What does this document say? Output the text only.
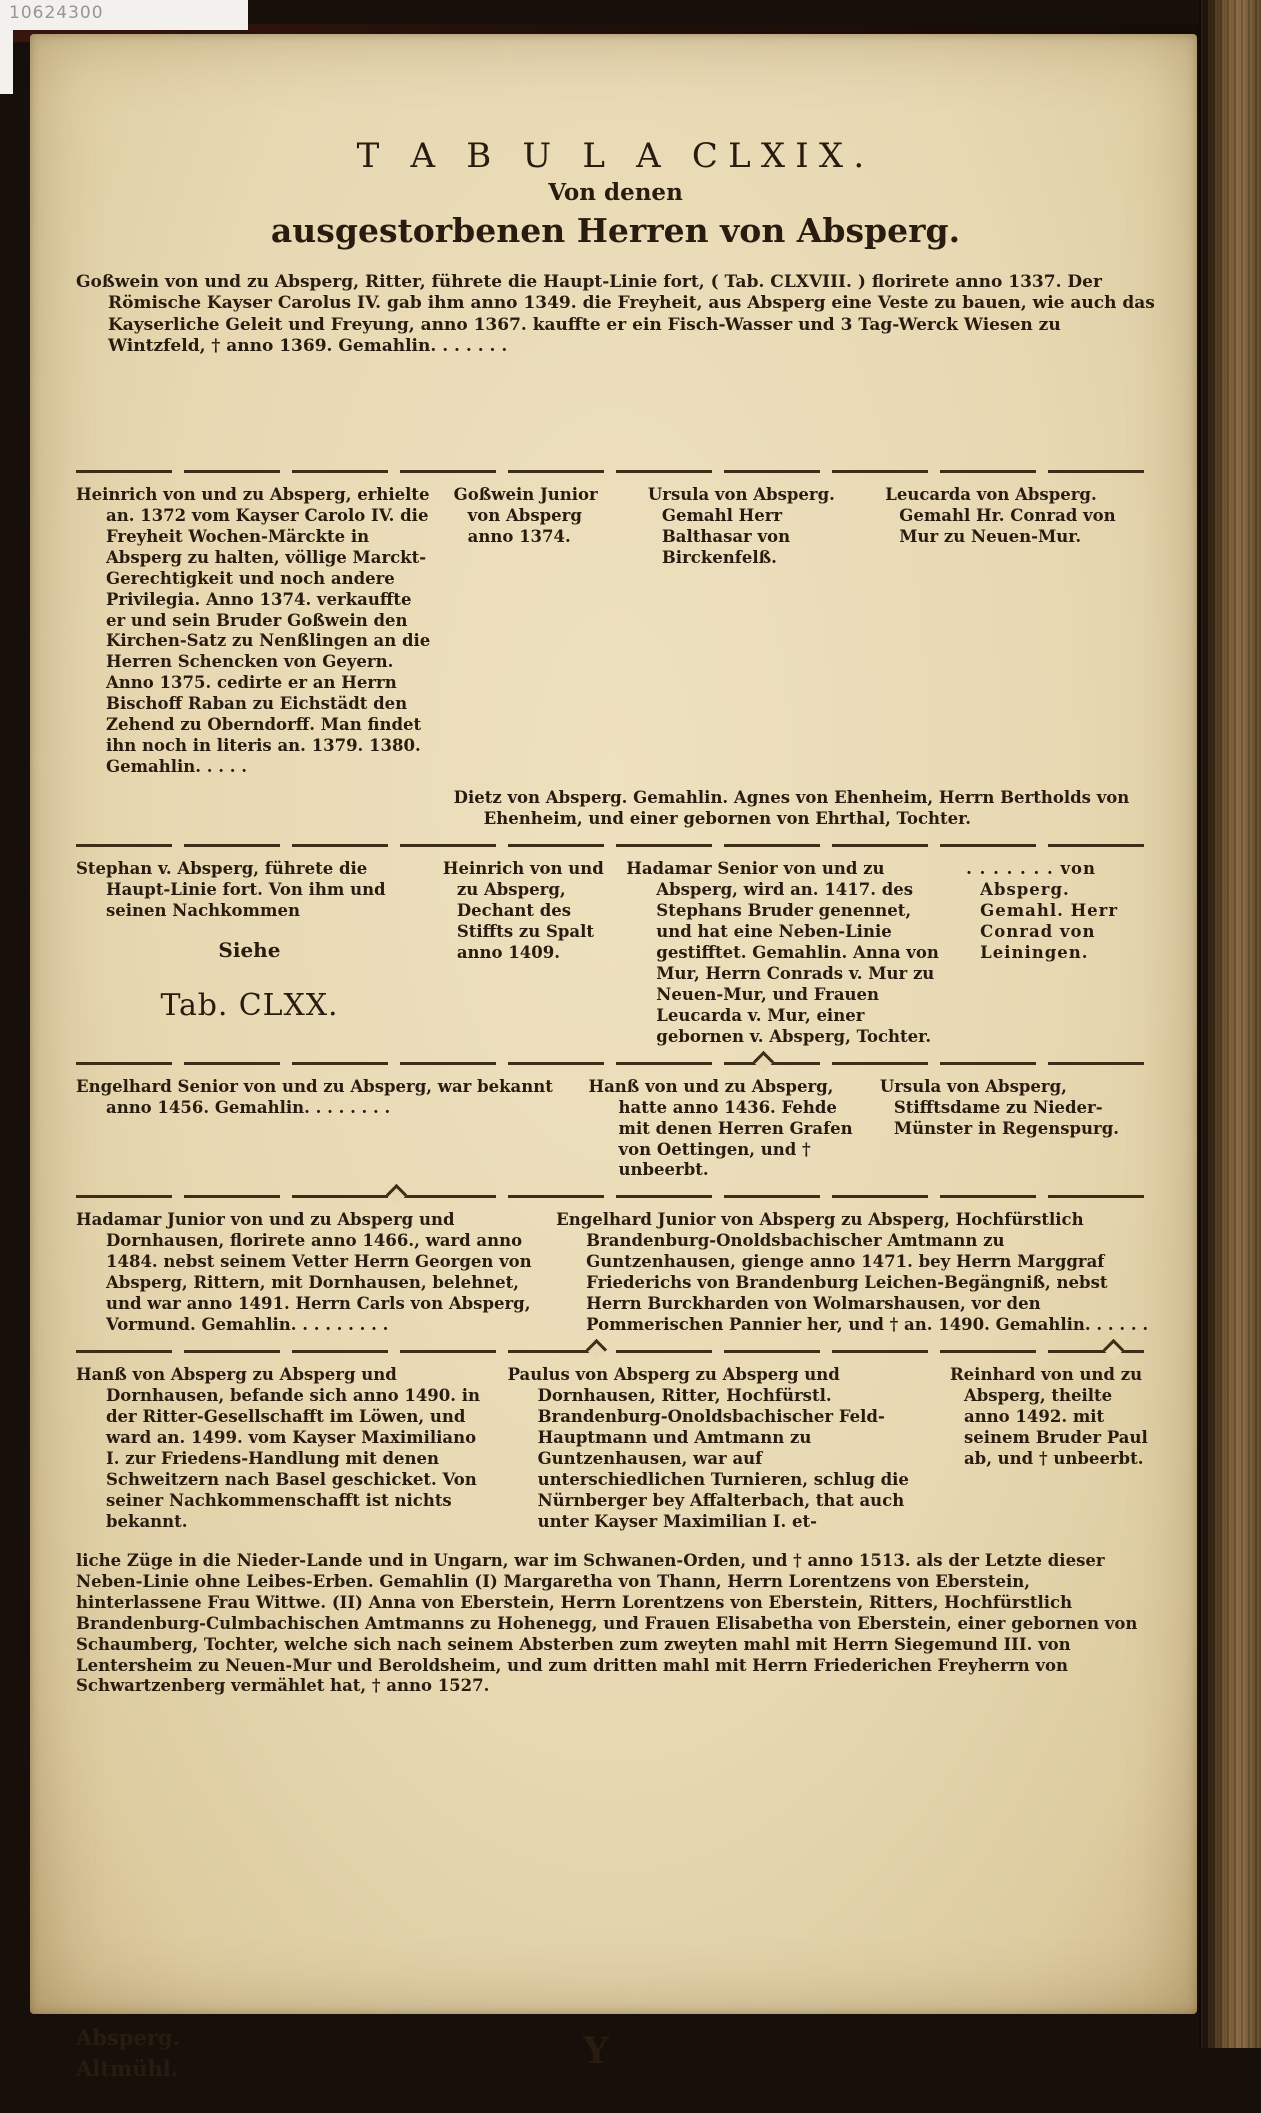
10624300
T A B U L A CLXIX.
Von denen
ausgestorbenen Herren von Absperg.

Goßwein von und zu Absperg, Ritter, führete die Haupt-Linie fort, ( Tab. CLXVIII. ) florirete anno 1337. Der Römische Kayser Carolus IV. gab ihm anno 1349. die Freyheit, aus Absperg eine Veste zu bauen, wie auch das Kayserliche Geleit und Freyung, anno 1367. kauffte er ein Fisch-Wasser und 3 Tag-Werck Wiesen zu Wintzfeld, † anno 1369. Gemahlin. . . . . . .

Heinrich von und zu Absperg, erhielte an. 1372 vom Kayser Carolo IV. die Freyheit Wochen-Märckte in Absperg zu halten, völlige Marckt-Gerechtigkeit und noch andere Privilegia. Anno 1374. verkauffte er und sein Bruder Goßwein den Kirchen-Satz zu Nenßlingen an die Herren Schencken von Geyern. Anno 1375. cedirte er an Herrn Bischoff Raban zu Eichstädt den Zehend zu Oberndorff. Man findet ihn noch in literis an. 1379. 1380. Gemahlin. . . . .
Goßwein Junior von Absperg anno 1374.
Ursula von Absperg. Gemahl Herr Balthasar von Birckenfelß.
Leucarda von Absperg. Gemahl Hr. Conrad von Mur zu Neuen-Mur.
Dietz von Absperg. Gemahlin. Agnes von Ehenheim, Herrn Bertholds von Ehenheim, und einer gebornen von Ehrthal, Tochter.
Stephan v. Absperg, führete die Haupt-Linie fort. Von ihm und seinen Nachkommen
Siehe
Tab. CLXX.
Heinrich von und zu Absperg, Dechant des Stiffts zu Spalt anno 1409.
Hadamar Senior von und zu Absperg, wird an. 1417. des Stephans Bruder genennet, und hat eine Neben-Linie gestifftet. Gemahlin. Anna von Mur, Herrn Conrads v. Mur zu Neuen-Mur, und Frauen Leucarda v. Mur, einer gebornen v. Absperg, Tochter.
. . . . . . . von Absperg. Gemahl. Herr Conrad von Leiningen.
Engelhard Senior von und zu Absperg, war bekannt anno 1456. Gemahlin. . . . . . . .
Hanß von und zu Absperg, hatte anno 1436. Fehde mit denen Herren Grafen von Oettingen, und † unbeerbt.
Ursula von Absperg, Stifftsdame zu Nieder-Münster in Regenspurg.
Hadamar Junior von und zu Absperg und Dornhausen, florirete anno 1466., ward anno 1484. nebst seinem Vetter Herrn Georgen von Absperg, Rittern, mit Dornhausen, belehnet, und war anno 1491. Herrn Carls von Absperg, Vormund. Gemahlin. . . . . . . . .
Engelhard Junior von Absperg zu Absperg, Hochfürstlich Brandenburg-Onoldsbachischer Amtmann zu Guntzenhausen, gienge anno 1471. bey Herrn Marggraf Friederichs von Brandenburg Leichen-Begängniß, nebst Herrn Burckharden von Wolmarshausen, vor den Pommerischen Pannier her, und † an. 1490. Gemahlin. . . . . .
Hanß von Absperg zu Absperg und Dornhausen, befande sich anno 1490. in der Ritter-Gesellschafft im Löwen, und ward an. 1499. vom Kayser Maximiliano I. zur Friedens-Handlung mit denen Schweitzern nach Basel geschicket. Von seiner Nachkommenschafft ist nichts bekannt.
Paulus von Absperg zu Absperg und Dornhausen, Ritter, Hochfürstl. Brandenburg-Onoldsbachischer Feld-Hauptmann und Amtmann zu Guntzenhausen, war auf unterschiedlichen Turnieren, schlug die Nürnberger bey Affalterbach, that auch unter Kayser Maximilian I. et-
Reinhard von und zu Absperg, theilte anno 1492. mit seinem Bruder Paul ab, und † unbeerbt.

liche Züge in die Nieder-Lande und in Ungarn, war im Schwanen-Orden, und † anno 1513. als der Letzte dieser Neben-Linie ohne Leibes-Erben. Gemahlin (I) Margaretha von Thann, Herrn Lorentzens von Eberstein, hinterlassene Frau Wittwe. (II) Anna von Eberstein, Herrn Lorentzens von Eberstein, Ritters, Hochfürstlich Brandenburg-Culmbachischen Amtmanns zu Hohenegg, und Frauen Elisabetha von Eberstein, einer gebornen von Schaumberg, Tochter, welche sich nach seinem Absterben zum zweyten mahl mit Herrn Siegemund III. von Lentersheim zu Neuen-Mur und Beroldsheim, und zum dritten mahl mit Herrn Friederichen Freyherrn von Schwartzenberg vermählet hat, † anno 1527.

Absperg.
Altmühl.	Y
